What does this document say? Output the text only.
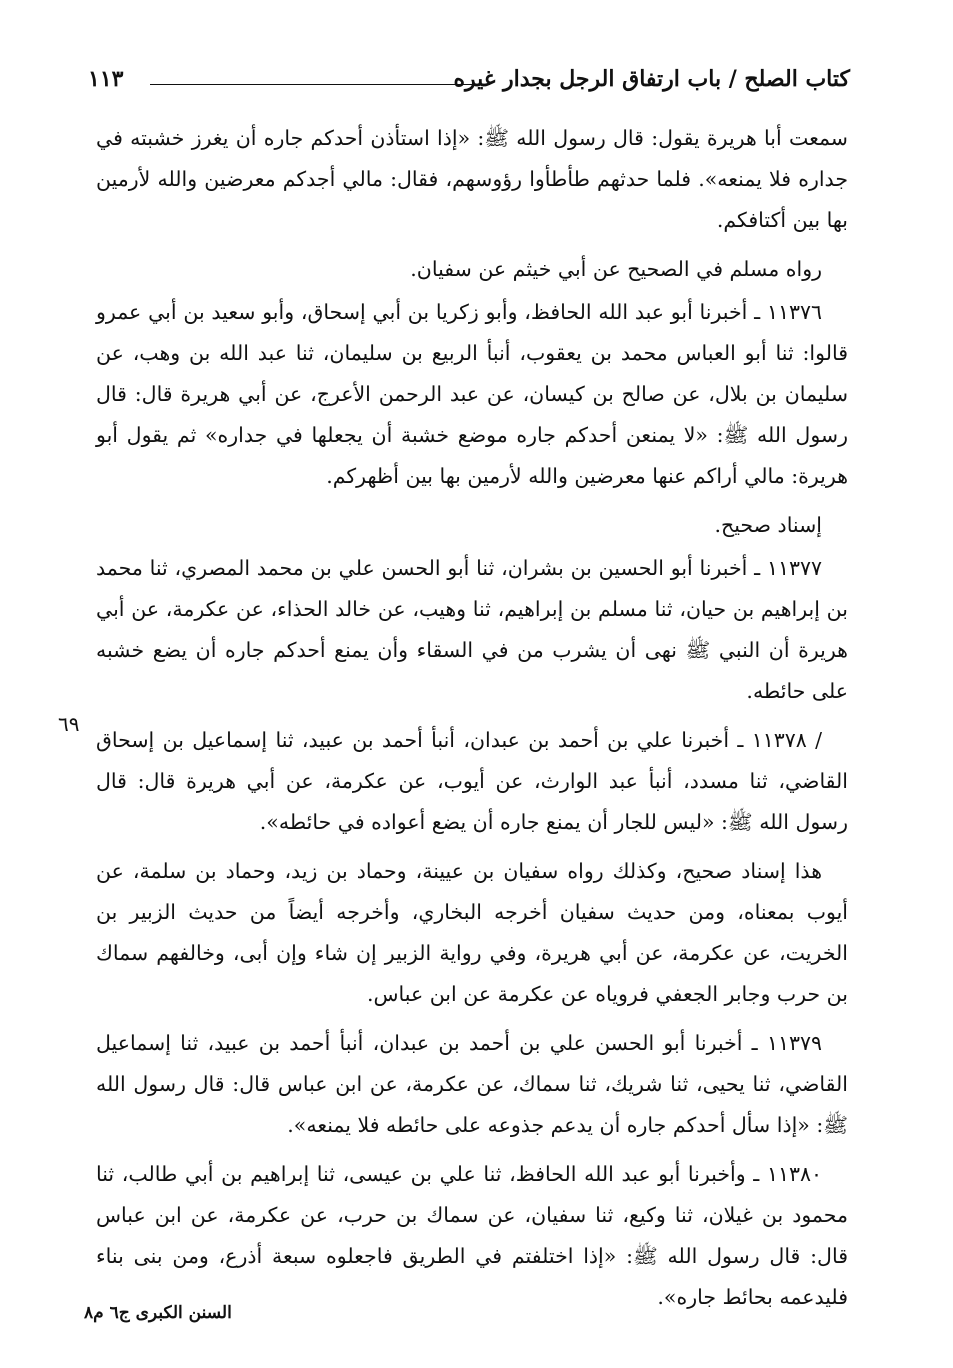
كتاب الصلح / باب ارتفاق الرجل بجدار غيره
١١٣
٦٩

سمعت أبا هريرة يقول: قال رسول الله ﷺ: «إذا استأذن أحدكم جاره أن يغرز خشبته في جداره فلا يمنعه». فلما حدثهم طأطأوا رؤوسهم، فقال: مالي أجدكم معرضين والله لأرمين بها بين أكتافكم.

رواه مسلم في الصحيح عن أبي خيثم عن سفيان.

١١٣٧٦ ـ أخبرنا أبو عبد الله الحافظ، وأبو زكريا بن أبي إسحاق، وأبو سعيد بن أبي عمرو قالوا: ثنا أبو العباس محمد بن يعقوب، أنبأ الربيع بن سليمان، ثنا عبد الله بن وهب، عن سليمان بن بلال، عن صالح بن كيسان، عن عبد الرحمن الأعرج، عن أبي هريرة قال: قال رسول الله ﷺ: «لا يمنعن أحدكم جاره موضع خشبة أن يجعلها في جداره» ثم يقول أبو هريرة: مالي أراكم عنها معرضين والله لأرمين بها بين أظهركم.

إسناد صحيح.

١١٣٧٧ ـ أخبرنا أبو الحسين بن بشران، ثنا أبو الحسن علي بن محمد المصري، ثنا محمد بن إبراهيم بن حيان، ثنا مسلم بن إبراهيم، ثنا وهيب، عن خالد الحذاء، عن عكرمة، عن أبي هريرة أن النبي ﷺ نهى أن يشرب من في السقاء وأن يمنع أحدكم جاره أن يضع خشبه على حائطه.

/ ١١٣٧٨ ـ أخبرنا علي بن أحمد بن عبدان، أنبأ أحمد بن عبيد، ثنا إسماعيل بن إسحاق القاضي، ثنا مسدد، أنبأ عبد الوارث، عن أيوب، عن عكرمة، عن أبي هريرة قال: قال رسول الله ﷺ: «ليس للجار أن يمنع جاره أن يضع أعواده في حائطه».

هذا إسناد صحيح، وكذلك رواه سفيان بن عيينة، وحماد بن زيد، وحماد بن سلمة، عن أيوب بمعناه، ومن حديث سفيان أخرجه البخاري، وأخرجه أيضاً من حديث الزبير بن الخريت، عن عكرمة، عن أبي هريرة، وفي رواية الزبير إن شاء وإن أبى، وخالفهم سماك بن حرب وجابر الجعفي فروياه عن عكرمة عن ابن عباس.

١١٣٧٩ ـ أخبرنا أبو الحسن علي بن أحمد بن عبدان، أنبأ أحمد بن عبيد، ثنا إسماعيل القاضي، ثنا يحيى، ثنا شريك، ثنا سماك، عن عكرمة، عن ابن عباس قال: قال رسول الله ﷺ: «إذا سأل أحدكم جاره أن يدعم جذوعه على حائطه فلا يمنعه».

١١٣٨٠ ـ وأخبرنا أبو عبد الله الحافظ، ثنا علي بن عيسى، ثنا إبراهيم بن أبي طالب، ثنا محمود بن غيلان، ثنا وكيع، ثنا سفيان، عن سماك بن حرب، عن عكرمة، عن ابن عباس قال: قال رسول الله ﷺ: «إذا اختلفتم في الطريق فاجعلوه سبعة أذرع، ومن بنى بناء فليدعمه بحائط جاره».

السنن الكبرى ج٦ م٨
